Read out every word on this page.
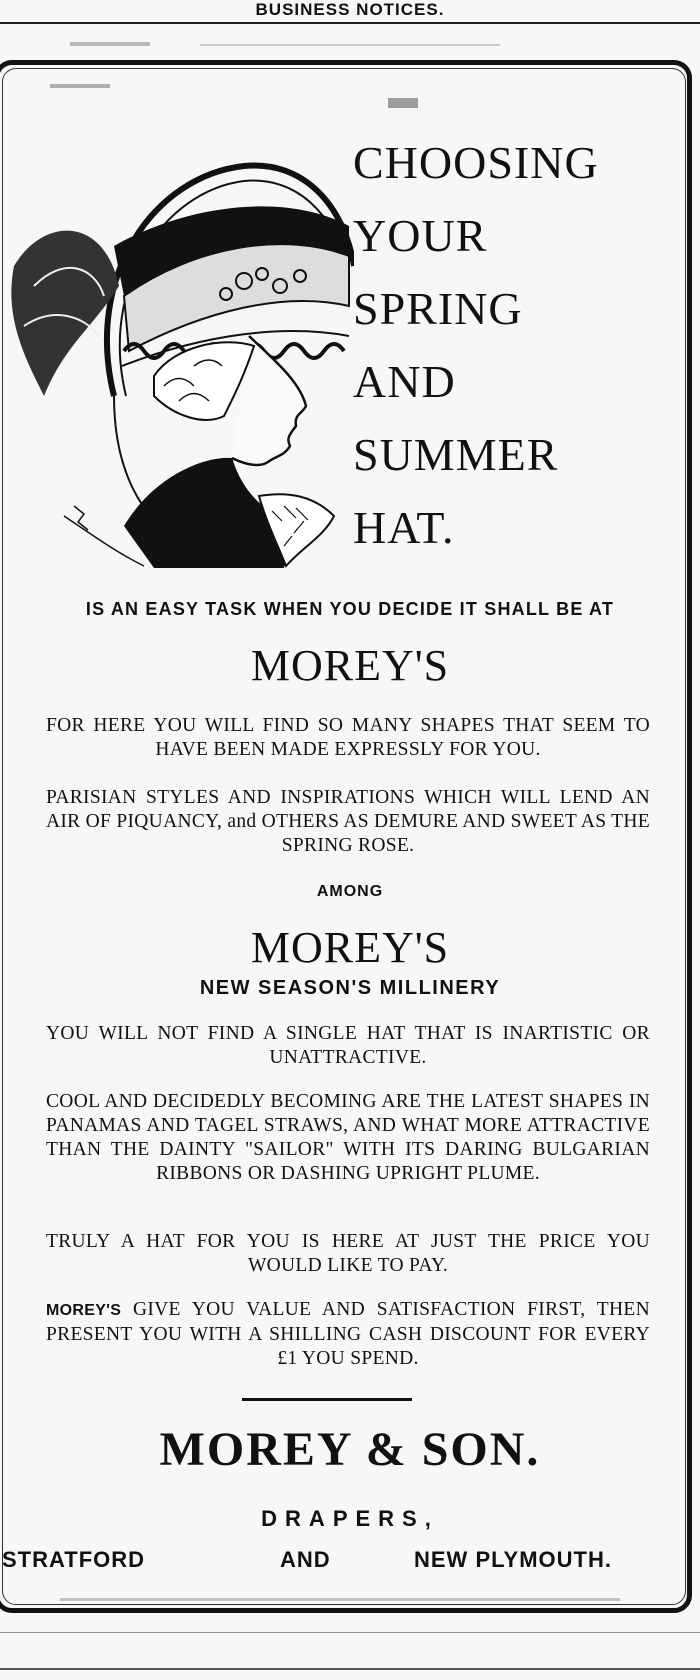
BUSINESS NOTICES.
CHOOSING
YOUR
SPRING
AND
SUMMER
HAT.
IS AN EASY TASK WHEN YOU DECIDE IT SHALL BE AT
MOREY'S
FOR HERE YOU WILL FIND SO MANY SHAPES THAT SEEM TO HAVE BEEN MADE EXPRESSLY FOR YOU.
PARISIAN STYLES AND INSPIRATIONS WHICH WILL LEND AN AIR OF PIQUANCY, and OTHERS AS DEMURE AND SWEET AS THE SPRING ROSE.
AMONG
MOREY'S
NEW SEASON'S MILLINERY
YOU WILL NOT FIND A SINGLE HAT THAT IS INARTISTIC OR UNATTRACTIVE.
COOL AND DECIDEDLY BECOMING ARE THE LATEST SHAPES IN PANAMAS AND TAGEL STRAWS, AND WHAT MORE ATTRACTIVE THAN THE DAINTY "SAILOR" WITH ITS DARING BULGARIAN RIBBONS OR DASHING UPRIGHT PLUME.
TRULY A HAT FOR YOU IS HERE AT JUST THE PRICE YOU WOULD LIKE TO PAY.
MOREY'S GIVE YOU VALUE AND SATISFACTION FIRST, THEN PRESENT YOU WITH A SHILLING CASH DISCOUNT FOR EVERY £1 YOU SPEND.
MOREY & SON.
DRAPERS,
STRATFORD	AND	NEW PLYMOUTH.
